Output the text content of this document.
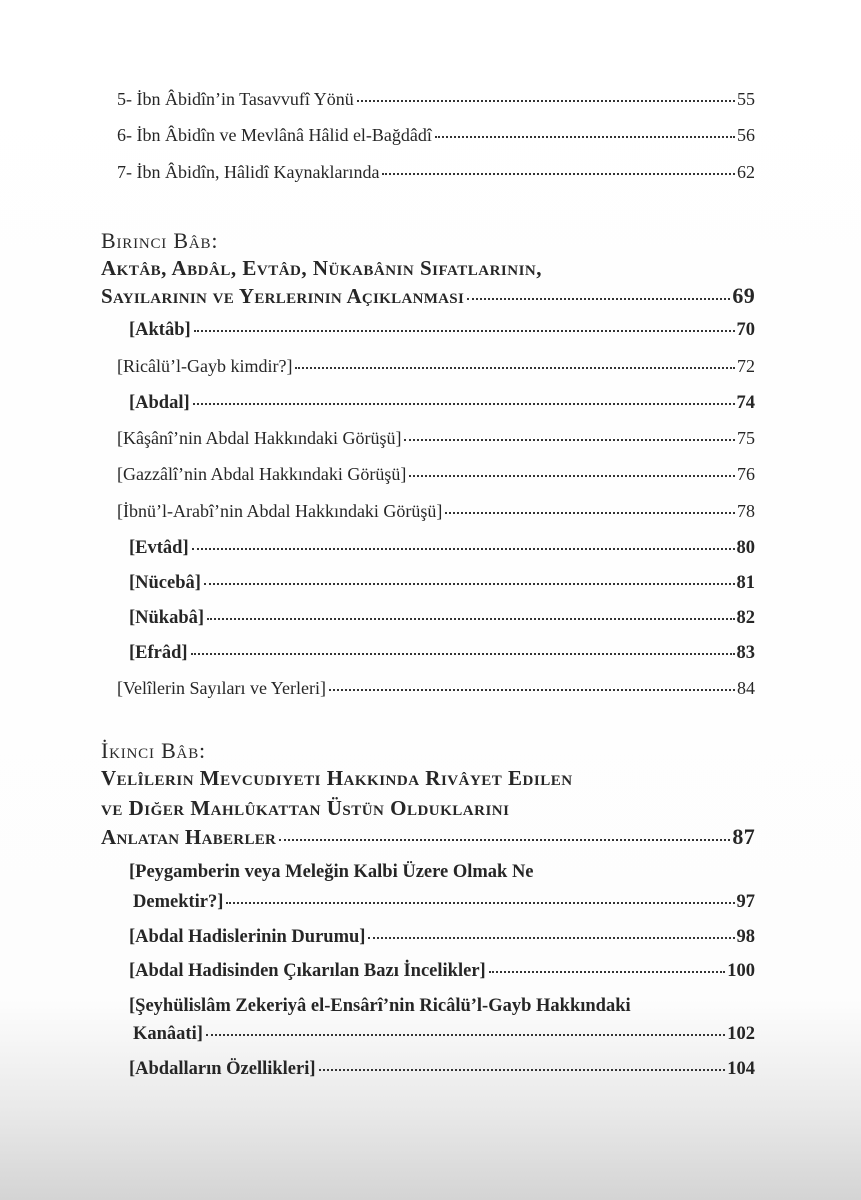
5- İbn Âbidîn’in Tasavvufî Yönü	55
6- İbn Âbidîn ve Mevlânâ Hâlid el-Bağdâdî	56
7- İbn Âbidîn, Hâlidî Kaynaklarında	62
Birinci Bâb:
Aktâb, Abdâl, Evtâd, Nükabânın Sıfatlarının,
Sayılarının ve Yerlerinin Açıklanması	69
[Aktâb]	70
[Ricâlü’l-Gayb kimdir?]	72
[Abdal]	74
[Kâşânî’nin Abdal Hakkındaki Görüşü]	75
[Gazzâlî’nin Abdal Hakkındaki Görüşü]	76
[İbnü’l-Arabî’nin Abdal Hakkındaki Görüşü]	78
[Evtâd]	80
[Nücebâ]	81
[Nükabâ]	82
[Efrâd]	83
[Velîlerin Sayıları ve Yerleri]	84
İkinci Bâb:
Velîlerin Mevcudiyeti Hakkında Rivâyet Edilen
ve Diğer Mahlûkattan Üstün Olduklarını
Anlatan Haberler	87
[Peygamberin veya Meleğin Kalbi Üzere Olmak Ne
Demektir?]	97
[Abdal Hadislerinin Durumu]	98
[Abdal Hadisinden Çıkarılan Bazı İncelikler]	100
[Şeyhülislâm Zekeriyâ el-Ensârî’nin Ricâlü’l-Gayb Hakkındaki
Kanâati]	102
[Abdalların Özellikleri]	104
